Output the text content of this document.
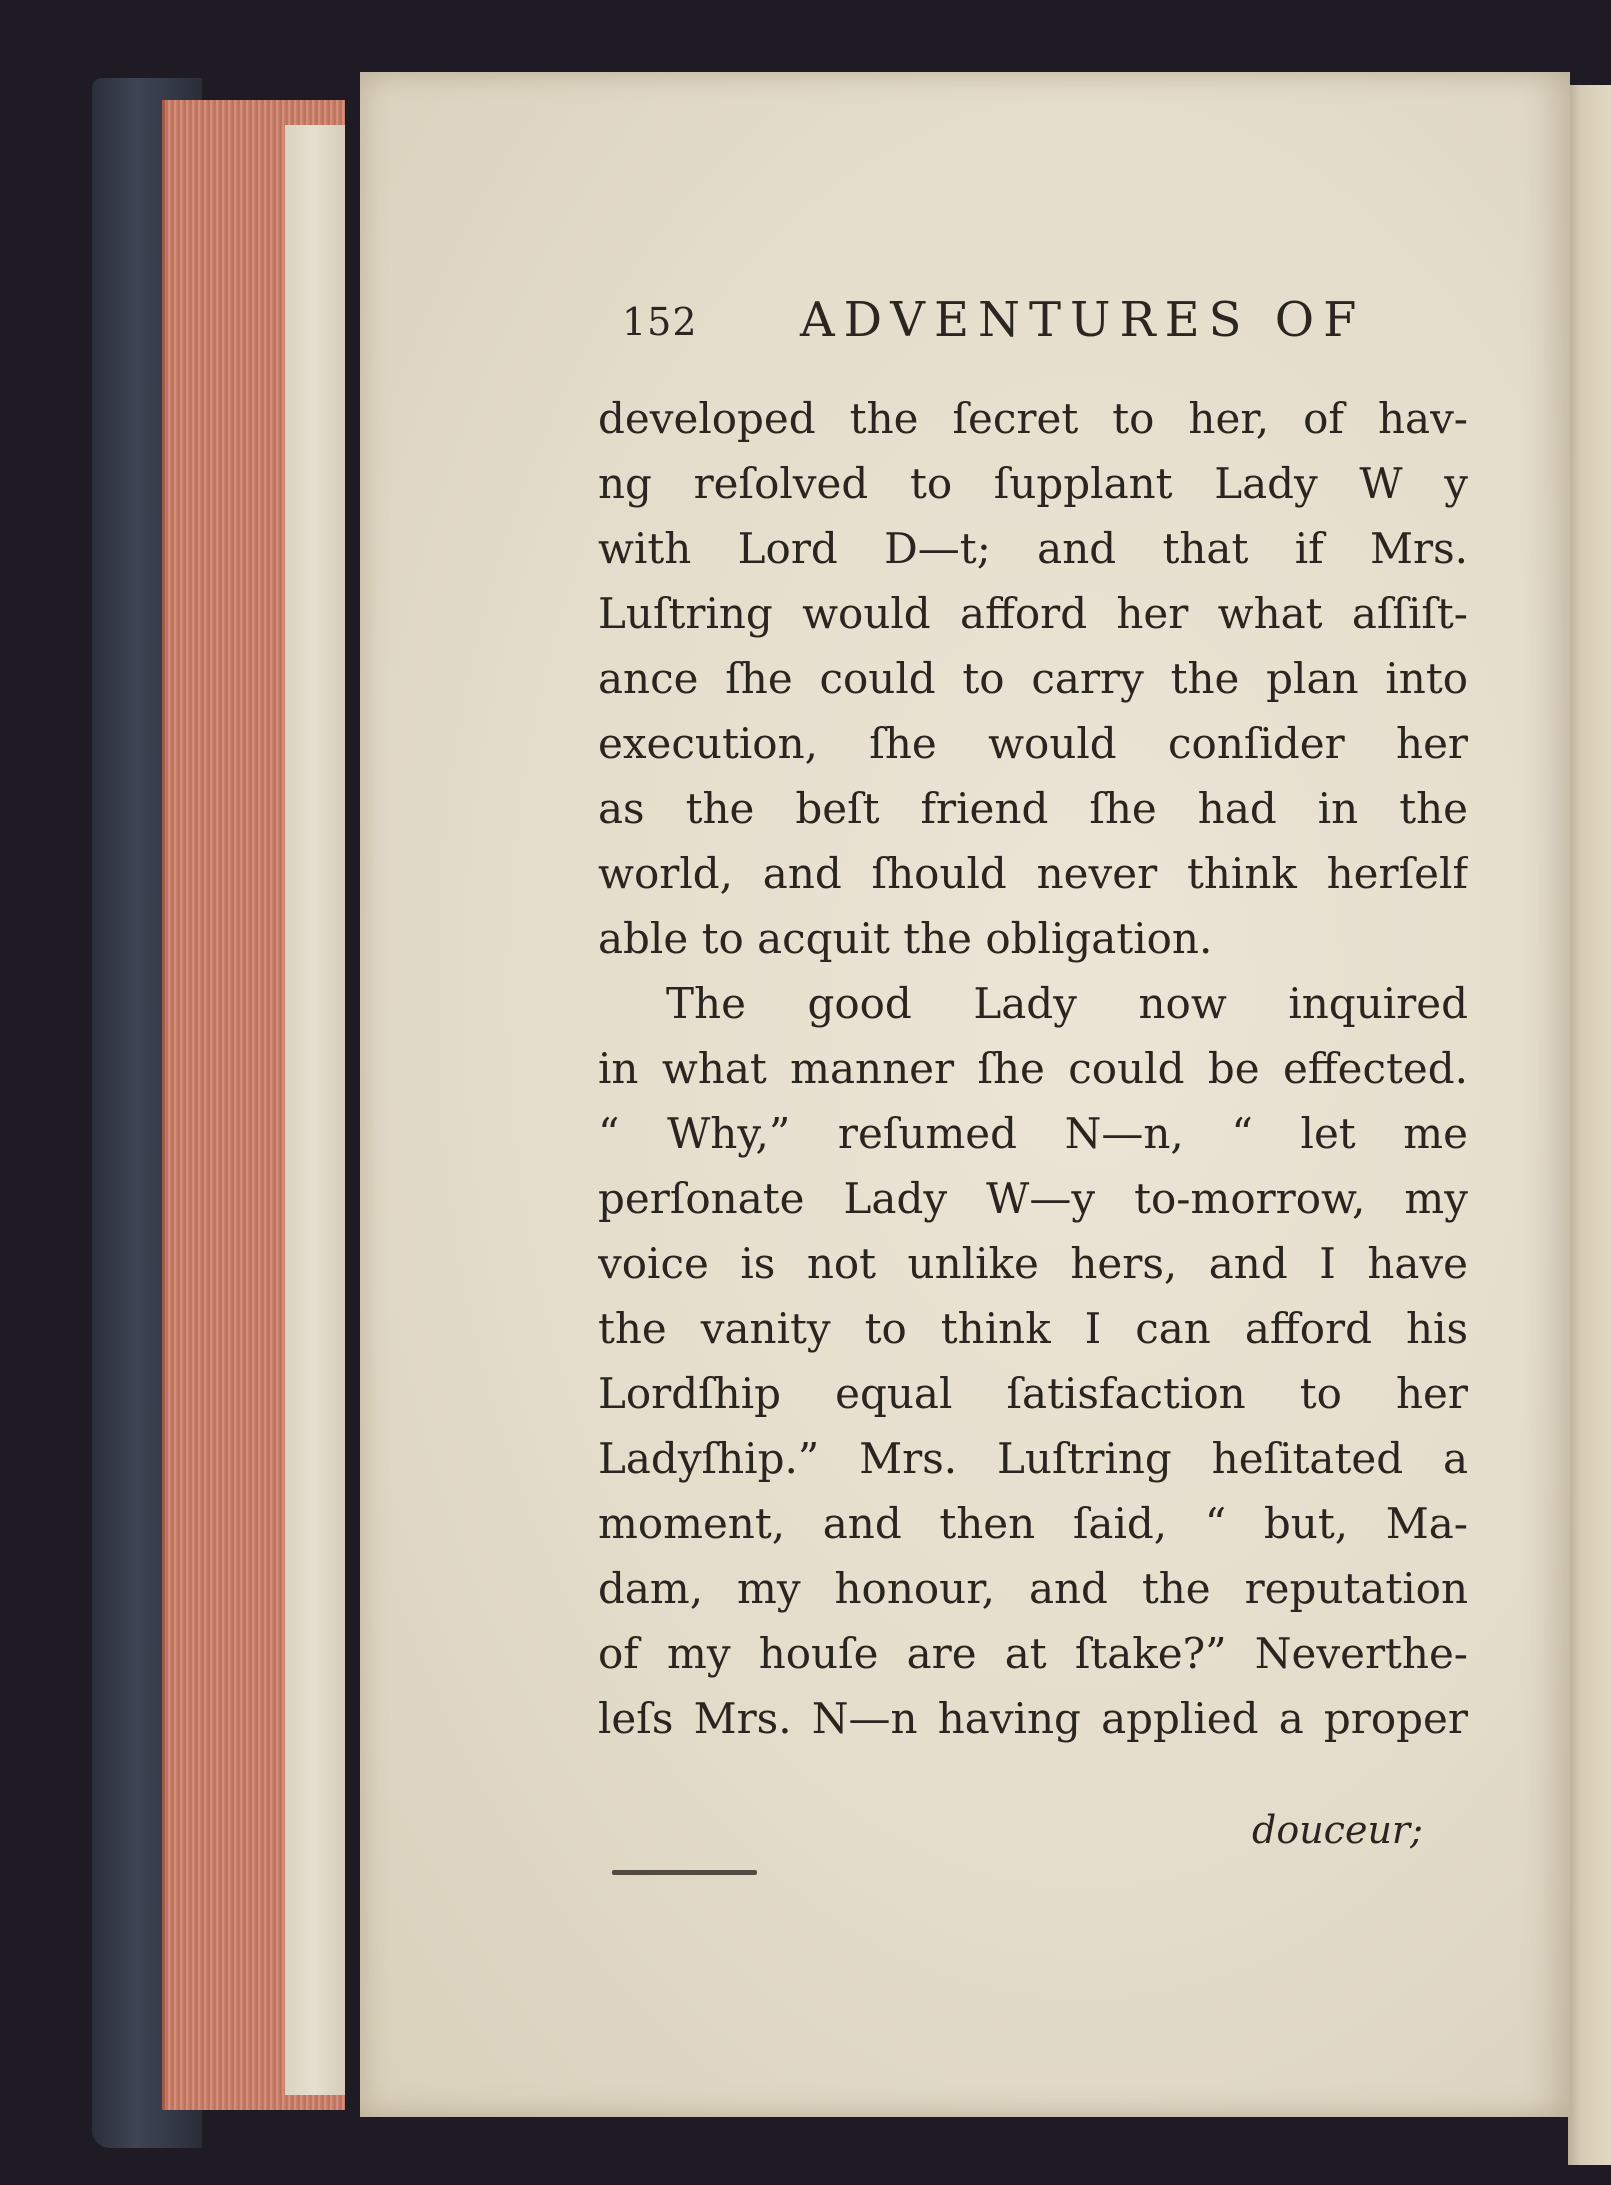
152 ADVENTURES OF
developed the ſecret to her, of hav-
ng reſolved to ſupplant Lady W y
with Lord D—t; and that if Mrs.
Luſtring would afford her what aſſiſt-
ance ſhe could to carry the plan into
execution, ſhe would conſider her
as the beſt friend ſhe had in the
world, and ſhould never think herſelf
able to acquit the obligation.
The good Lady now inquired
in what manner ſhe could be effected.
“ Why,” reſumed N—n, “ let me
perſonate Lady W—y to-morrow, my
voice is not unlike hers, and I have
the vanity to think I can afford his
Lordſhip equal ſatisfaction to her
Ladyſhip.” Mrs. Luſtring heſitated a
moment, and then ſaid, “ but, Ma-
dam, my honour, and the reputation
of my houſe are at ſtake?” Neverthe-
leſs Mrs. N—n having applied a proper
douceur;
